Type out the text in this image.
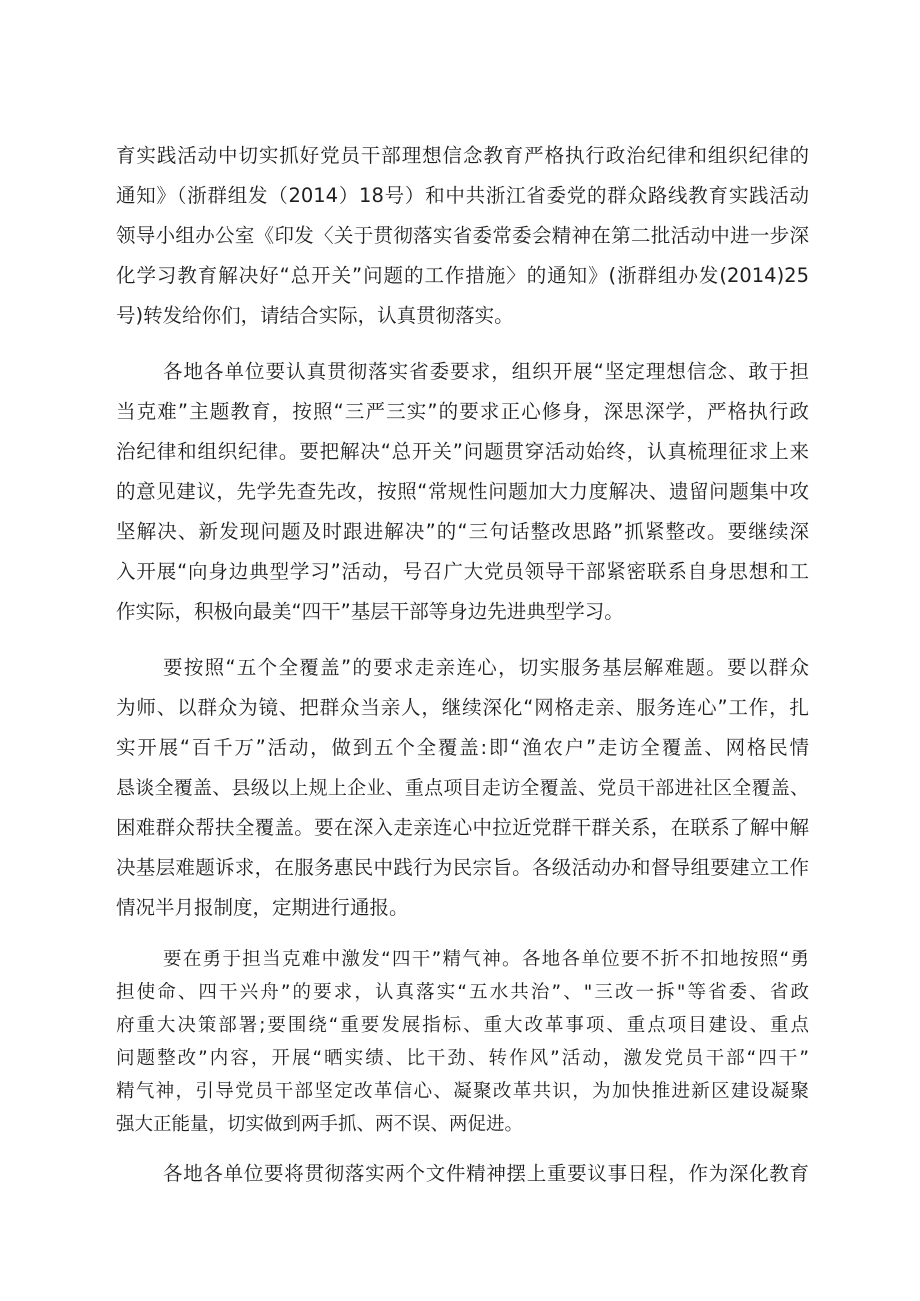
育实践活动中切实抓好党员干部理想信念教育严格执行政治纪律和组织纪律的

通知》（浙群组发（2014）18号）和中共浙江省委党的群众路线教育实践活动

领导小组办公室《印发〈关于贯彻落实省委常委会精神在第二批活动中进一步深

化学习教育解决好“总开关”问题的工作措施〉的通知》(浙群组办发(2014)25

号)转发给你们，请结合实际，认真贯彻落实。

各地各单位要认真贯彻落实省委要求，组织开展“坚定理想信念、敢于担

当克难”主题教育，按照“三严三实”的要求正心修身，深思深学，严格执行政

治纪律和组织纪律。要把解决“总开关”问题贯穿活动始终，认真梳理征求上来

的意见建议，先学先查先改，按照“常规性问题加大力度解决、遗留问题集中攻

坚解决、新发现问题及时跟进解决”的“三句话整改思路”抓紧整改。要继续深

入开展“向身边典型学习”活动，号召广大党员领导干部紧密联系自身思想和工

作实际，积极向最美“四干”基层干部等身边先进典型学习。

要按照“五个全覆盖”的要求走亲连心，切实服务基层解难题。要以群众

为师、以群众为镜、把群众当亲人，继续深化“网格走亲、服务连心”工作，扎

实开展“百千万”活动，做到五个全覆盖:即“渔农户”走访全覆盖、网格民情

恳谈全覆盖、县级以上规上企业、重点项目走访全覆盖、党员干部进社区全覆盖、

困难群众帮扶全覆盖。要在深入走亲连心中拉近党群干群关系，在联系了解中解

决基层难题诉求，在服务惠民中践行为民宗旨。各级活动办和督导组要建立工作

情况半月报制度，定期进行通报。

要在勇于担当克难中激发“四干”精气神。各地各单位要不折不扣地按照“勇

担使命、四干兴舟”的要求，认真落实“五水共治”、"三改一拆"等省委、省政

府重大决策部署;要围绕“重要发展指标、重大改革事项、重点项目建设、重点

问题整改”内容，开展“晒实绩、比干劲、转作风”活动，激发党员干部“四干”

精气神，引导党员干部坚定改革信心、凝聚改革共识，为加快推进新区建设凝聚

强大正能量，切实做到两手抓、两不误、两促进。

各地各单位要将贯彻落实两个文件精神摆上重要议事日程，作为深化教育
